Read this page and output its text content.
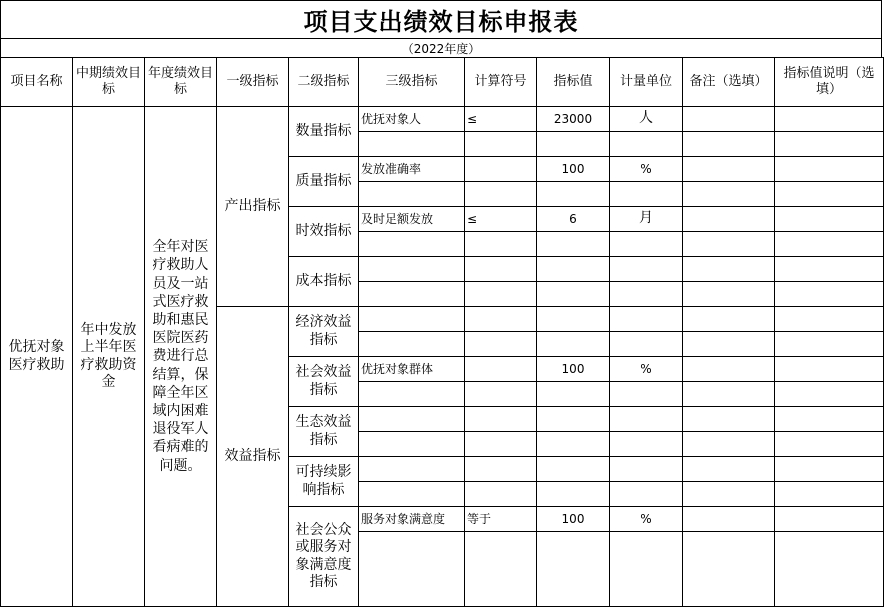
项目支出绩效目标申报表
（2022年度）
项目名称	中期绩效目标	年度绩效目标	一级指标	二级指标	三级指标	计算符号	指标值	计量单位	备注（选填）	指标值说明（选填）
优抚对象医疗救助	年中发放上半年医疗救助资金	全年对医疗救助人员及一站式医疗救助和惠民医院医药费进行总结算，保障全年区域内困难退役军人看病难的问题。	产出指标	数量指标	优抚对象人	≤	23000	人		

				质量指标	发放准确率		100	%		

				时效指标	及时足额发放	≤	6	月		

				成本指标						

			效益指标	经济效益指标						

				社会效益指标	优抚对象群体		100	%		

				生态效益指标						

				可持续影响指标						

				社会公众或服务对象满意度指标	服务对象满意度	等于	100	%		
